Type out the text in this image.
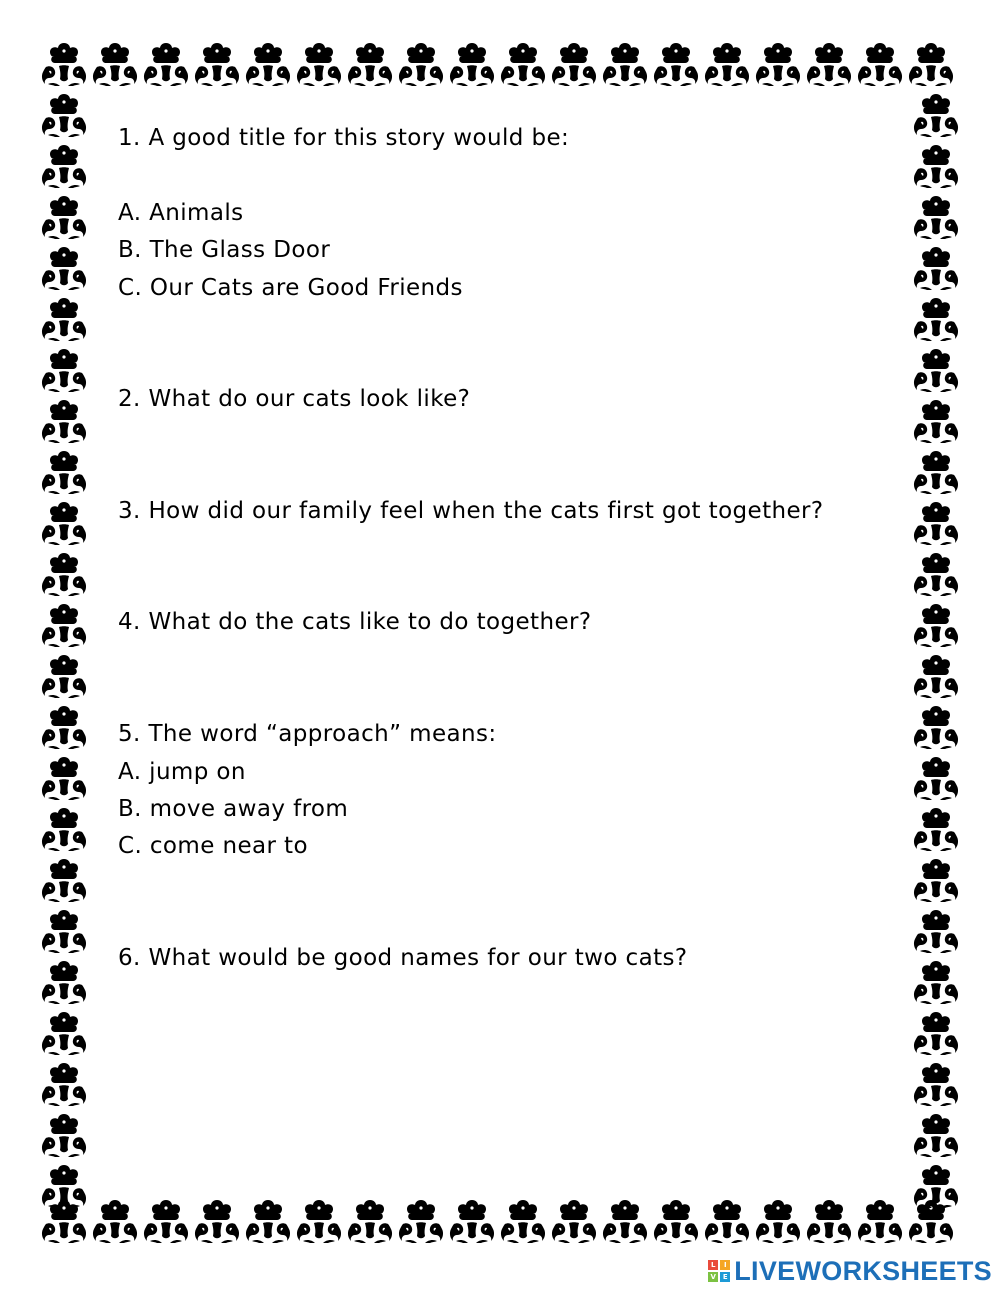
1. A good title for this story would be:
A. Animals
B. The Glass Door
C. Our Cats are Good Friends
2. What do our cats look like?
3. How did our family feel when the cats first got together?
4. What do the cats like to do together?
5. The word “approach” means:
A. jump on
B. move away from
C. come near to
6. What would be good names for our two cats?
L	I
V E LIVEWORKSHEETS
